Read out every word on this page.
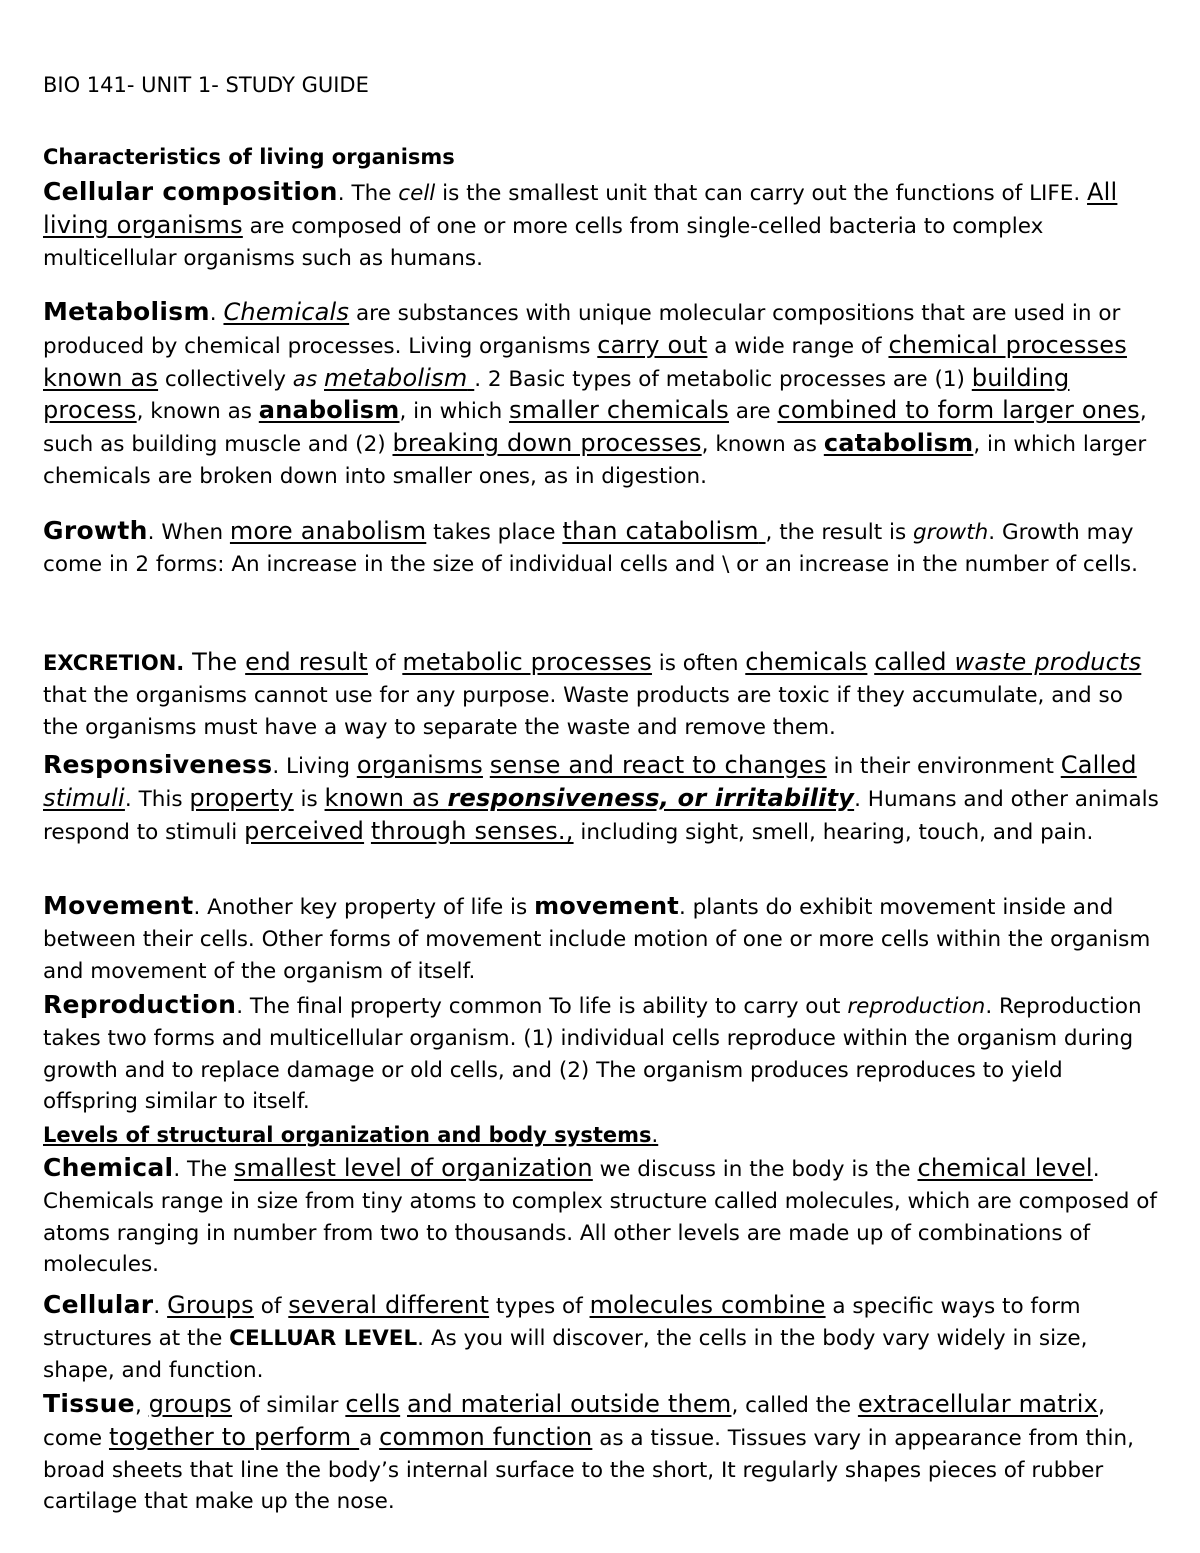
BIO 141- UNIT 1- STUDY GUIDE
Characteristics of living organisms
Cellular composition. The cell is the smallest unit that can carry out the functions of LIFE. All living organisms are composed of one or more cells from single-celled bacteria to complex multicellular organisms such as humans.
Metabolism. Chemicals are substances with unique molecular compositions that are used in or produced by chemical processes. Living organisms carry out a wide range of chemical processes known as collectively as metabolism . 2 Basic types of metabolic processes are (1) building process, known as anabolism, in which smaller chemicals are combined to form larger ones, such as building muscle and (2) breaking down processes, known as catabolism, in which larger chemicals are broken down into smaller ones, as in digestion.
Growth. When more anabolism takes place than catabolism , the result is growth. Growth may come in 2 forms: An increase in the size of individual cells and \ or an increase in the number of cells.
EXCRETION. The end result of metabolic processes is often chemicals called waste products that the organisms cannot use for any purpose. Waste products are toxic if they accumulate, and so the organisms must have a way to separate the waste and remove them.
Responsiveness. Living organisms sense and react to changes in their environment Called stimuli. This property is known as responsiveness, or irritability. Humans and other animals respond to stimuli perceived through senses., including sight, smell, hearing, touch, and pain.
Movement. Another key property of life is movement. plants do exhibit movement inside and between their cells. Other forms of movement include motion of one or more cells within the organism and movement of the organism of itself.
Reproduction. The final property common To life is ability to carry out reproduction. Reproduction takes two forms and multicellular organism. (1) individual cells reproduce within the organism during growth and to replace damage or old cells, and (2) The organism produces reproduces to yield offspring similar to itself.
Levels of structural organization and body systems.
Chemical. The smallest level of organization we discuss in the body is the chemical level. Chemicals range in size from tiny atoms to complex structure called molecules, which are composed of atoms ranging in number from two to thousands. All other levels are made up of combinations of molecules.
Cellular. Groups of several different types of molecules combine a specific ways to form structures at the CELLUAR LEVEL. As you will discover, the cells in the body vary widely in size, shape, and function.
Tissue, groups of similar cells and material outside them, called the extracellular matrix, come together to perform a common function as a tissue. Tissues vary in appearance from thin, broad sheets that line the body’s internal surface to the short, It regularly shapes pieces of rubber cartilage that make up the nose.
